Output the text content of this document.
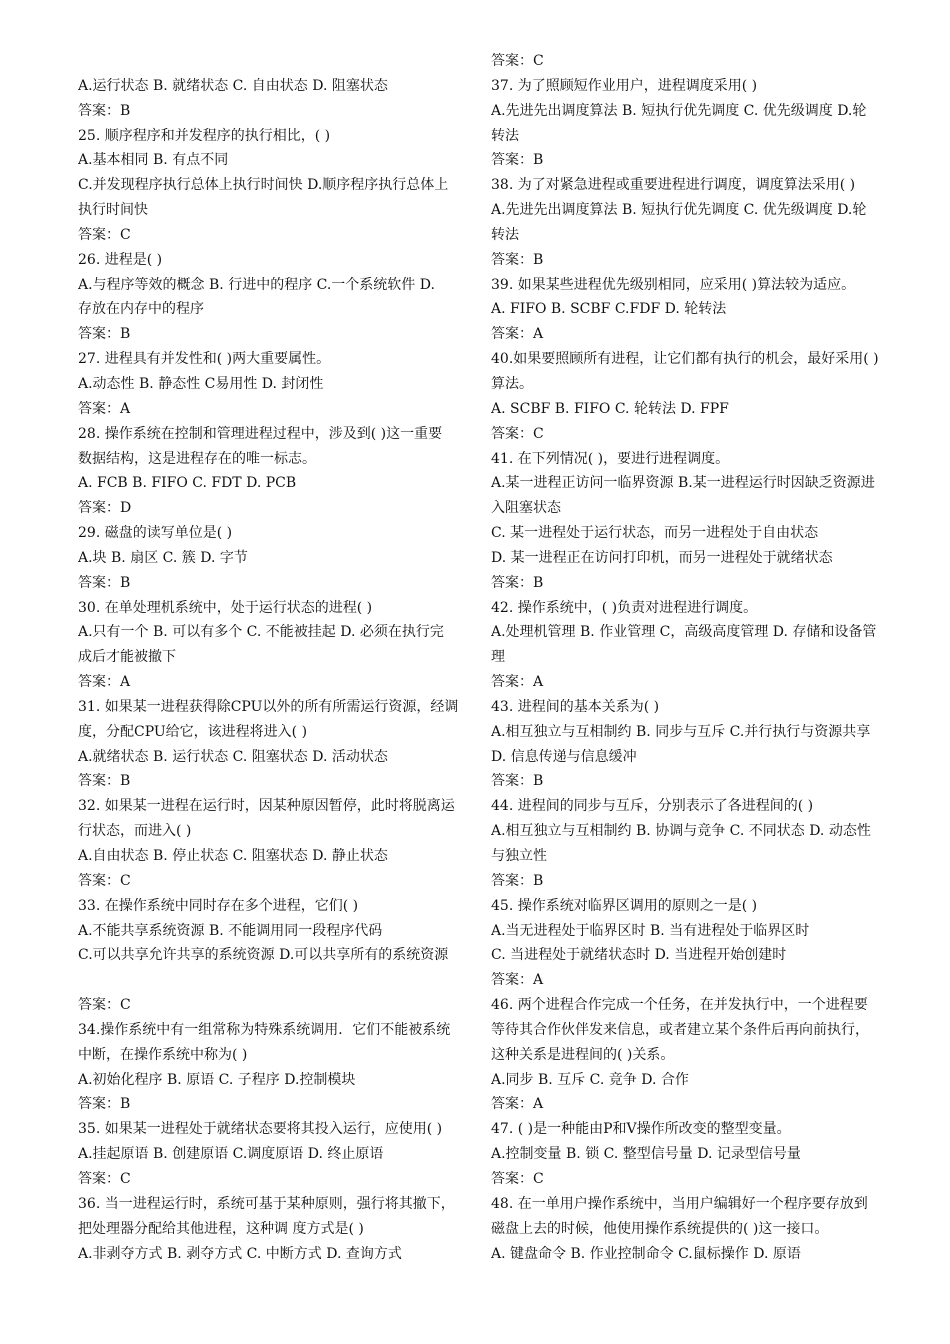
A.运行状态 B. 就绪状态 C. 自由状态 D. 阻塞状态
答案：B
25. 顺序程序和并发程序的执行相比，( )
A.基本相同 B. 有点不同
C.并发现程序执行总体上执行时间快 D.顺序程序执行总体上
执行时间快
答案：C
26. 进程是( )
A.与程序等效的概念 B. 行进中的程序 C.一个系统软件 D.
存放在内存中的程序
答案：B
27. 进程具有并发性和( )两大重要属性。
A.动态性 B. 静态性 C易用性 D. 封闭性
答案：A
28. 操作系统在控制和管理进程过程中，涉及到( )这一重要
数据结构，这是进程存在的唯一标志。
A. FCB B. FIFO C. FDT D. PCB
答案：D
29. 磁盘的读写单位是( )
A.块 B. 扇区 C. 簇 D. 字节
答案：B
30. 在单处理机系统中，处于运行状态的进程( )
A.只有一个 B. 可以有多个 C. 不能被挂起 D. 必须在执行完
成后才能被撤下
答案：A
31. 如果某一进程获得除CPU以外的所有所需运行资源，经调
度，分配CPU给它，该进程将进入( )
A.就绪状态 B. 运行状态 C. 阻塞状态 D. 活动状态
答案：B
32. 如果某一进程在运行时，因某种原因暂停，此时将脱离运
行状态，而进入( )
A.自由状态 B. 停止状态 C. 阻塞状态 D. 静止状态
答案：C
33. 在操作系统中同时存在多个进程，它们( )
A.不能共享系统资源 B. 不能调用同一段程序代码
C.可以共享允许共享的系统资源 D.可以共享所有的系统资源
答案：C
34.操作系统中有一组常称为特殊系统调用．它们不能被系统
中断，在操作系统中称为( )
A.初始化程序 B. 原语 C. 子程序 D.控制模块
答案：B
35. 如果某一进程处于就绪状态要将其投入运行，应使用( )
A.挂起原语 B. 创建原语 C.调度原语 D. 终止原语
答案：C
36. 当一进程运行时，系统可基于某种原则，强行将其撤下，
把处理器分配给其他进程，这种调 度方式是( )
A.非剥夺方式 B. 剥夺方式 C. 中断方式 D. 查询方式
答案：C
37. 为了照顾短作业用户，进程调度采用( )
A.先进先出调度算法 B. 短执行优先调度 C. 优先级调度 D.轮
转法
答案：B
38. 为了对紧急进程或重要进程进行调度，调度算法采用( )
A.先进先出调度算法 B. 短执行优先调度 C. 优先级调度 D.轮
转法
答案：B
39. 如果某些进程优先级别相同，应采用( )算法较为适应。
A. FIFO B. SCBF C.FDF D. 轮转法
答案：A
40.如果要照顾所有进程，让它们都有执行的机会，最好采用( )
算法。
A. SCBF B. FIFO C. 轮转法 D. FPF
答案：C
41. 在下列情况( )，要进行进程调度。
A.某一进程正访问一临界资源 B.某一进程运行时因缺乏资源进
入阻塞状态
C. 某一进程处于运行状态，而另一进程处于自由状态
D. 某一进程正在访问打印机，而另一进程处于就绪状态
答案：B
42. 操作系统中，( )负责对进程进行调度。
A.处理机管理 B. 作业管理 C，高级高度管理 D. 存储和设备管
理
答案：A
43. 进程间的基本关系为( )
A.相互独立与互相制约 B. 同步与互斥 C.并行执行与资源共享
D. 信息传递与信息缓冲
答案：B
44. 进程间的同步与互斥，分别表示了各进程间的( )
A.相互独立与互相制约 B. 协调与竞争 C. 不同状态 D. 动态性
与独立性
答案：B
45. 操作系统对临界区调用的原则之一是( )
A.当无进程处于临界区时 B. 当有进程处于临界区时
C. 当进程处于就绪状态时 D. 当进程开始创建时
答案：A
46. 两个进程合作完成一个任务，在并发执行中，一个进程要
等待其合作伙伴发来信息，或者建立某个条件后再向前执行，
这种关系是进程间的( )关系。
A.同步 B. 互斥 C. 竞争 D. 合作
答案：A
47. ( )是一种能由P和V操作所改变的整型变量。
A.控制变量 B. 锁 C. 整型信号量 D. 记录型信号量
答案：C
48. 在一单用户操作系统中，当用户编辑好一个程序要存放到
磁盘上去的时候，他使用操作系统提供的( )这一接口。
A. 键盘命令 B. 作业控制命令 C.鼠标操作 D. 原语
